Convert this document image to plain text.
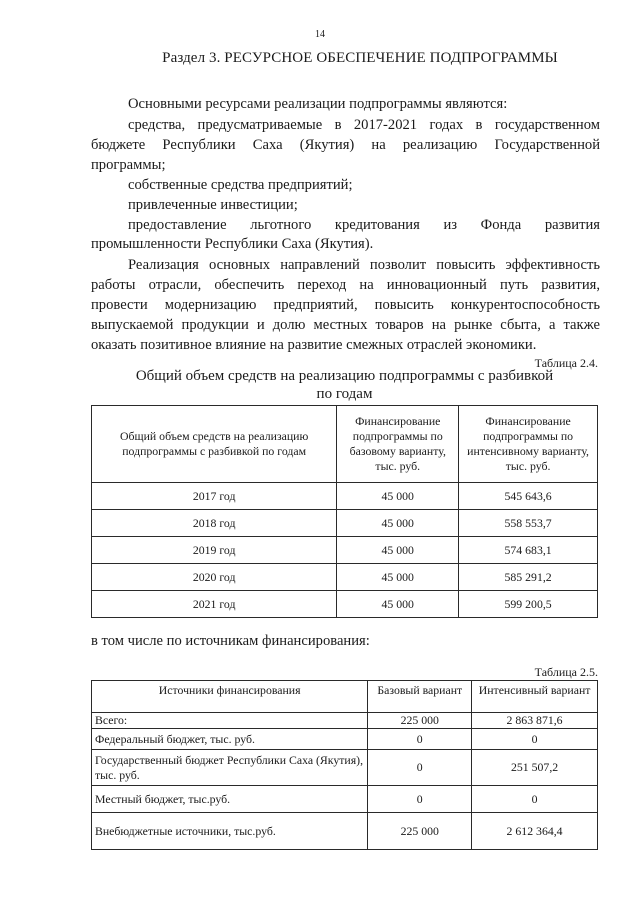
14
Раздел 3. РЕСУРСНОЕ ОБЕСПЕЧЕНИЕ ПОДПРОГРАММЫ
Основными ресурсами реализации подпрограммы являются:
средства, предусматриваемые в 2017-2021 годах в государственном
бюджете Республики Саха (Якутия) на реализацию Государственной
программы;
собственные средства предприятий;
привлеченные инвестиции;
предоставление льготного кредитования из Фонда развития
промышленности Республики Саха (Якутия).
Реализация основных направлений позволит повысить эффективность
работы отрасли, обеспечить переход на инновационный путь развития,
провести модернизацию предприятий, повысить конкурентоспособность
выпускаемой продукции и долю местных товаров на рынке сбыта, а также
оказать позитивное влияние на развитие смежных отраслей экономики.
Таблица 2.4.
Общий объем средств на реализацию подпрограммы с разбивкой
по годам
Общий объем средств на реализацию подпрограммы с разбивкой по годам	Финансирование подпрограммы по базовому варианту, тыс. руб.	Финансирование подпрограммы по интенсивному варианту, тыс. руб.
2017 год	45 000	545 643,6
2018 год	45 000	558 553,7
2019 год	45 000	574 683,1
2020 год	45 000	585 291,2
2021 год	45 000	599 200,5
в том числе по источникам финансирования:
Таблица 2.5.
Источники финансирования	Базовый вариант	Интенсивный вариант
Всего:	225 000	2 863 871,6
Федеральный бюджет, тыс. руб.	0	0
Государственный бюджет Республики Саха (Якутия), тыс. руб.	0	251 507,2
Местный бюджет, тыс.руб.	0	0
Внебюджетные источники, тыс.руб.	225 000	2 612 364,4
